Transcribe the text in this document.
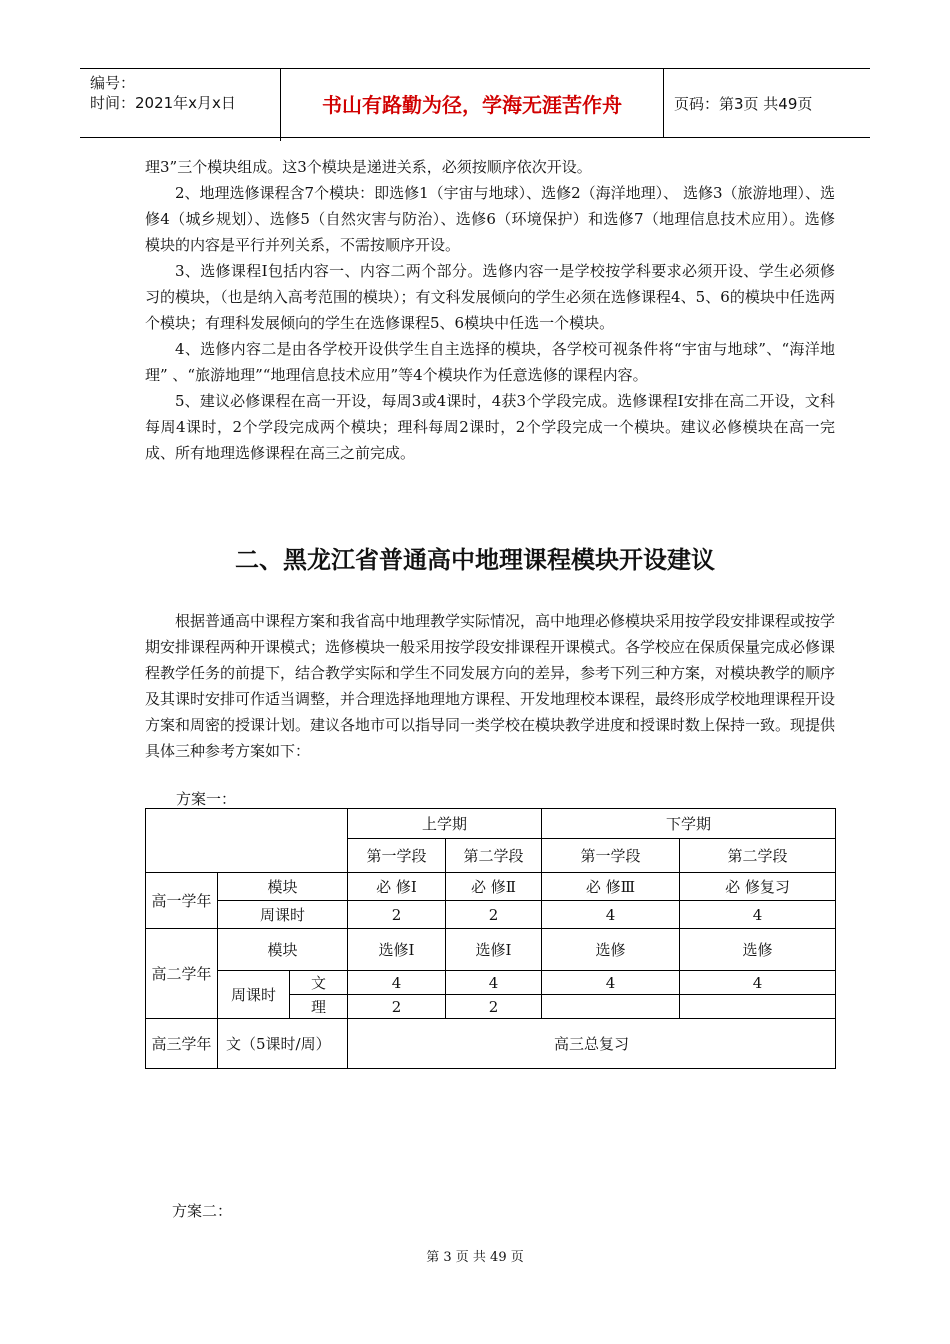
编号：
时间：2021年x月x日	书山有路勤为径，学海无涯苦作舟	页码：第3页 共49页

理3”三个模块组成。这3个模块是递进关系，必须按顺序依次开设。

2、地理选修课程含7个模块：即选修1（宇宙与地球）、选修2（海洋地理）、 选修3（旅游地理）、选修4（城乡规划）、选修5（自然灾害与防治）、选修6（环境保护）和选修7（地理信息技术应用）。选修模块的内容是平行并列关系，不需按顺序开设。

3、选修课程Ⅰ包括内容一、内容二两个部分。选修内容一是学校按学科要求必须开设、学生必须修习的模块，（也是纳入高考范围的模块）；有文科发展倾向的学生必须在选修课程4、5、6的模块中任选两个模块；有理科发展倾向的学生在选修课程5、6模块中任选一个模块。

4、选修内容二是由各学校开设供学生自主选择的模块，各学校可视条件将“宇宙与地球”、“海洋地理” 、“旅游地理”“地理信息技术应用”等4个模块作为任意选修的课程内容。

5、建议必修课程在高一开设，每周3或4课时，4获3个学段完成。选修课程Ⅰ安排在高二开设，文科每周4课时，2个学段完成两个模块；理科每周2课时，2个学段完成一个模块。建议必修模块在高一完成、所有地理选修课程在高三之前完成。

二、黑龙江省普通高中地理课程模块开设建议

根据普通高中课程方案和我省高中地理教学实际情况，高中地理必修模块采用按学段安排课程或按学期安排课程两种开课模式；选修模块一般采用按学段安排课程开课模式。各学校应在保质保量完成必修课程教学任务的前提下，结合教学实际和学生不同发展方向的差异，参考下列三种方案，对模块教学的顺序及其课时安排可作适当调整，并合理选择地理地方课程、开发地理校本课程，最终形成学校地理课程开设方案和周密的授课计划。建议各地市可以指导同一类学校在模块教学进度和授课时数上保持一致。现提供具体三种参考方案如下：

方案一：
			上学期		下学期	
			第一学段	第二学段	第一学段	第二学段
高一学年	模块		必 修Ⅰ	必 修Ⅱ	必 修Ⅲ	必 修复习
	周课时		2	2	4	4
高二学年	模块		选修Ⅰ	选修Ⅰ	选修	选修
	周课时	文	4	4	4	4
		理	2	2		
高三学年	文（5课时/周）		高三总复习			
方案二：
第 3 页 共 49 页
